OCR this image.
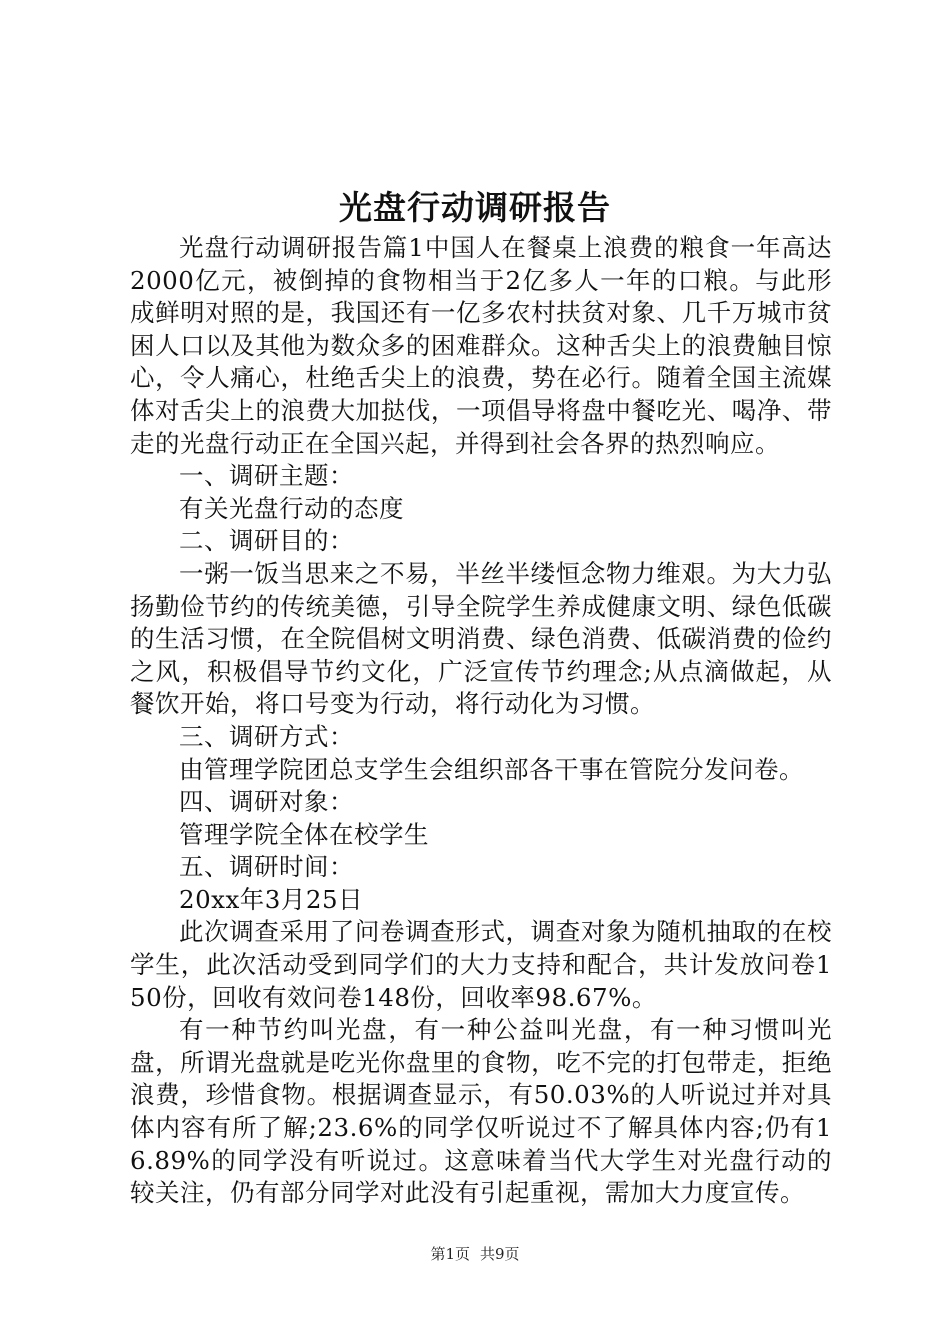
光盘行动调研报告

光盘行动调研报告篇1中国人在餐桌上浪费的粮食一年高达2000亿元，被倒掉的食物相当于2亿多人一年的口粮。与此形成鲜明对照的是，我国还有一亿多农村扶贫对象、几千万城市贫困人口以及其他为数众多的困难群众。这种舌尖上的浪费触目惊心，令人痛心，杜绝舌尖上的浪费，势在必行。随着全国主流媒体对舌尖上的浪费大加挞伐，一项倡导将盘中餐吃光、喝净、带走的光盘行动正在全国兴起，并得到社会各界的热烈响应。

一、调研主题：

有关光盘行动的态度

二、调研目的：

一粥一饭当思来之不易，半丝半缕恒念物力维艰。为大力弘扬勤俭节约的传统美德，引导全院学生养成健康文明、绿色低碳的生活习惯，在全院倡树文明消费、绿色消费、低碳消费的俭约之风，积极倡导节约文化，广泛宣传节约理念;从点滴做起，从餐饮开始，将口号变为行动，将行动化为习惯。

三、调研方式：

由管理学院团总支学生会组织部各干事在管院分发问卷。

四、调研对象：

管理学院全体在校学生

五、调研时间：

20xx年3月25日

此次调查采用了问卷调查形式，调查对象为随机抽取的在校学生，此次活动受到同学们的大力支持和配合，共计发放问卷150份，回收有效问卷148份，回收率98.67%。

有一种节约叫光盘，有一种公益叫光盘，有一种习惯叫光盘，所谓光盘就是吃光你盘里的食物，吃不完的打包带走，拒绝浪费，珍惜食物。根据调查显示，有50.03%的人听说过并对具体内容有所了解;23.6%的同学仅听说过不了解具体内容;仍有16.89%的同学没有听说过。这意味着当代大学生对光盘行动的较关注，仍有部分同学对此没有引起重视，需加大力度宣传。

第1页 共9页
